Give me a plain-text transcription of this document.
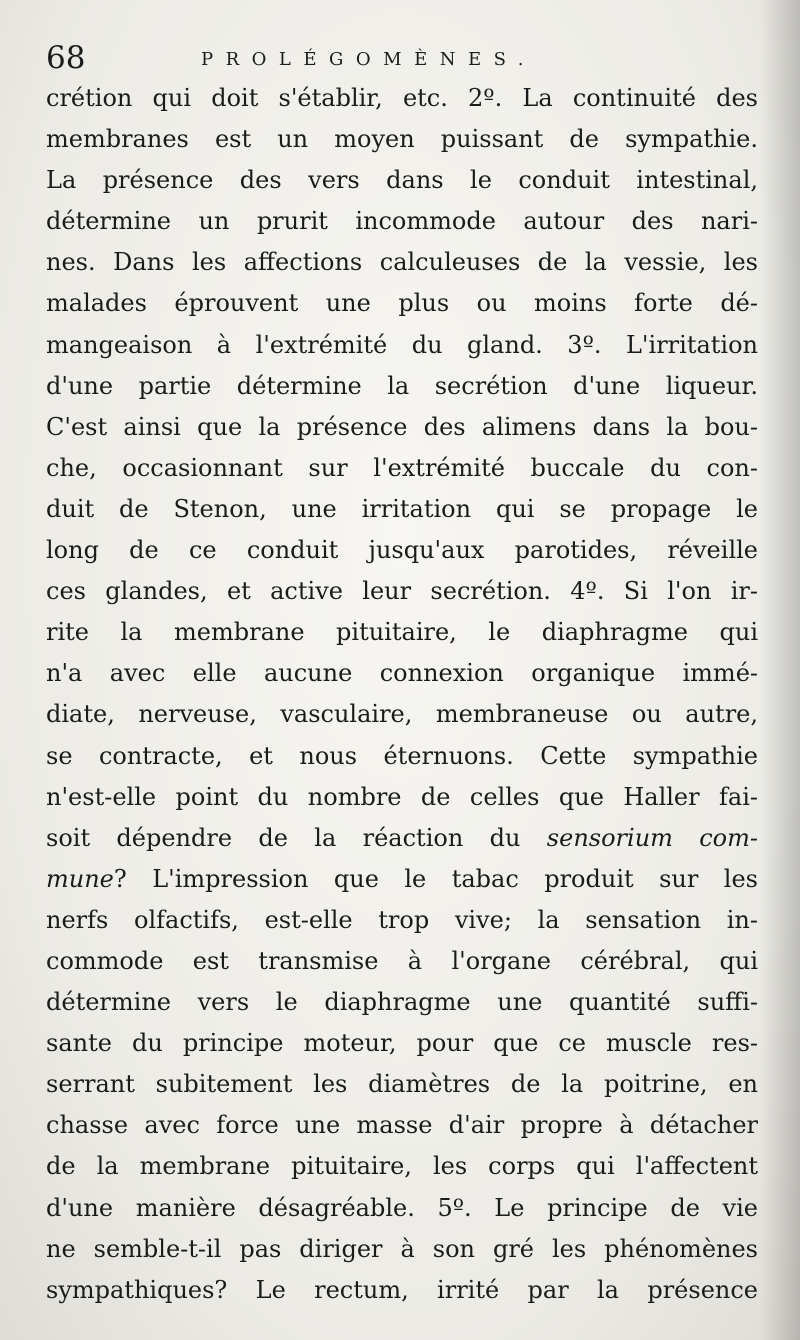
68	PROLÉGOMÈNES.
crétion qui doit s'établir, etc. 2º. La continuité des
membranes est un moyen puissant de sympathie.
La présence des vers dans le conduit intestinal,
détermine un prurit incommode autour des nari-
nes. Dans les affections calculeuses de la vessie, les
malades éprouvent une plus ou moins forte dé-
mangeaison à l'extrémité du gland. 3º. L'irritation
d'une partie détermine la secrétion d'une liqueur.
C'est ainsi que la présence des alimens dans la bou-
che, occasionnant sur l'extrémité buccale du con-
duit de Stenon, une irritation qui se propage le
long de ce conduit jusqu'aux parotides, réveille
ces glandes, et active leur secrétion. 4º. Si l'on ir-
rite la membrane pituitaire, le diaphragme qui
n'a avec elle aucune connexion organique immé-
diate, nerveuse, vasculaire, membraneuse ou autre,
se contracte, et nous éternuons. Cette sympathie
n'est-elle point du nombre de celles que Haller fai-
soit dépendre de la réaction du sensorium com-
mune? L'impression que le tabac produit sur les
nerfs olfactifs, est-elle trop vive; la sensation in-
commode est transmise à l'organe cérébral, qui
détermine vers le diaphragme une quantité suffi-
sante du principe moteur, pour que ce muscle res-
serrant subitement les diamètres de la poitrine, en
chasse avec force une masse d'air propre à détacher
de la membrane pituitaire, les corps qui l'affectent
d'une manière désagréable. 5º. Le principe de vie
ne semble-t-il pas diriger à son gré les phénomènes
sympathiques? Le rectum, irrité par la présence
